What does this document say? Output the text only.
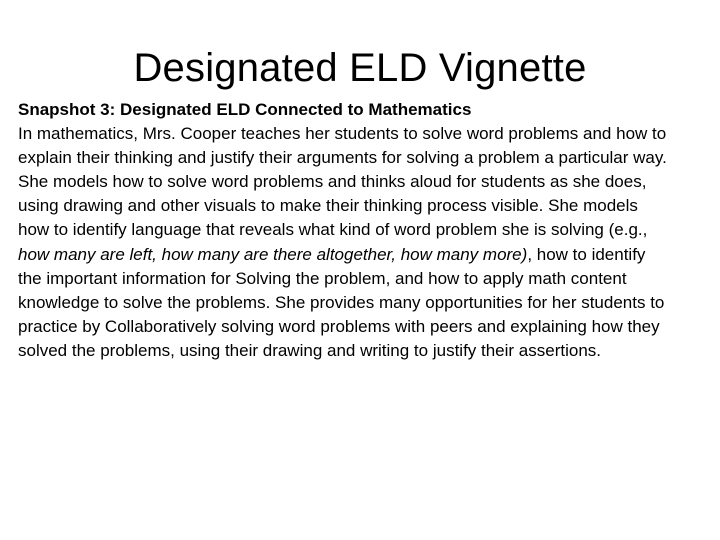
Designated ELD Vignette
Snapshot 3: Designated ELD Connected to Mathematics
In mathematics, Mrs. Cooper teaches her students to solve word problems and how to explain their thinking and justify their arguments for solving a problem a particular way. She models how to solve word problems and thinks aloud for students as she does, using drawing and other visuals to make their thinking process visible. She models how to identify language that reveals what kind of word problem she is solving (e.g., how many are left, how many are there altogether, how many more), how to identify the important information for Solving the problem, and how to apply math content knowledge to solve the problems. She provides many opportunities for her students to practice by Collaboratively solving word problems with peers and explaining how they solved the problems, using their drawing and writing to justify their assertions.
